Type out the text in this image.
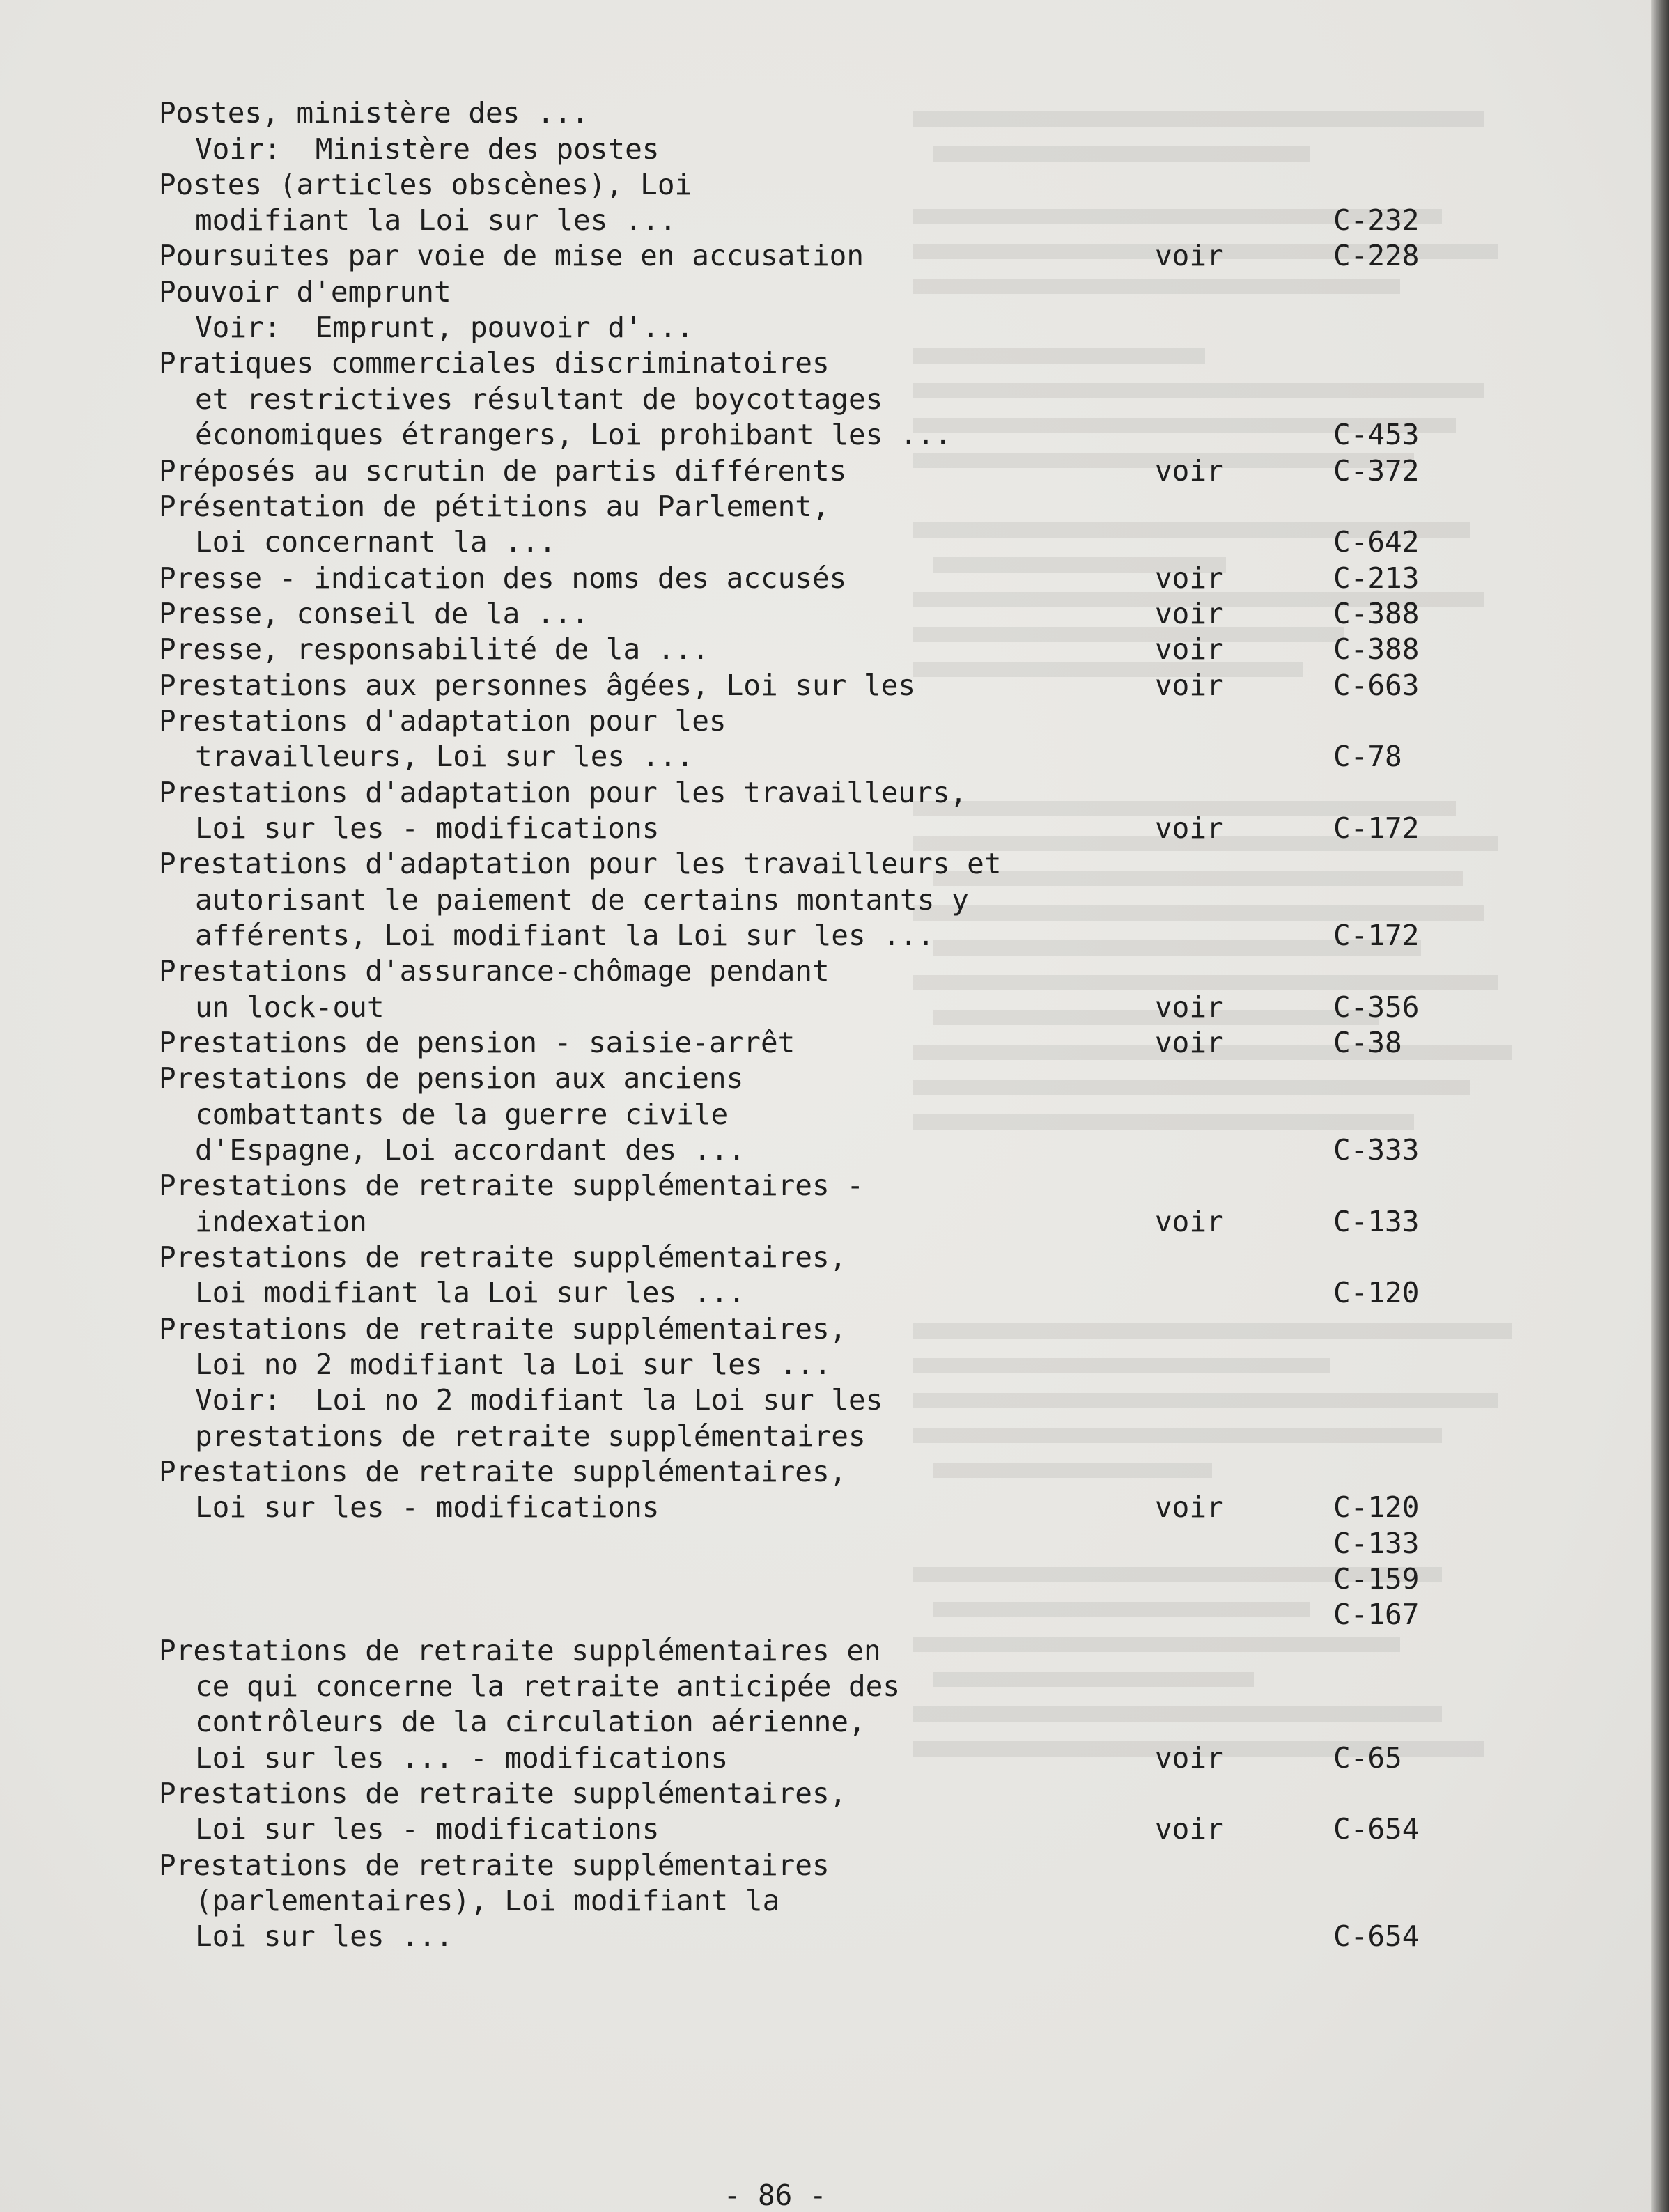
Postes, ministère des ...
Voir:  Ministère des postes
Postes (articles obscènes), Loi
modifiant la Loi sur les ...	C-232
Poursuites par voie de mise en accusation	voir	C-228
Pouvoir d'emprunt
Voir:  Emprunt, pouvoir d'...
Pratiques commerciales discriminatoires
et restrictives résultant de boycottages
économiques étrangers, Loi prohibant les ...	C-453
Préposés au scrutin de partis différents	voir	C-372
Présentation de pétitions au Parlement,
Loi concernant la ...	C-642
Presse - indication des noms des accusés	voir	C-213
Presse, conseil de la ...	voir	C-388
Presse, responsabilité de la ...	voir	C-388
Prestations aux personnes âgées, Loi sur les	voir	C-663
Prestations d'adaptation pour les
travailleurs, Loi sur les ...	C-78
Prestations d'adaptation pour les travailleurs,
Loi sur les - modifications	voir	C-172
Prestations d'adaptation pour les travailleurs et
autorisant le paiement de certains montants y
afférents, Loi modifiant la Loi sur les ...	C-172
Prestations d'assurance-chômage pendant
un lock-out	voir	C-356
Prestations de pension - saisie-arrêt	voir	C-38
Prestations de pension aux anciens
combattants de la guerre civile
d'Espagne, Loi accordant des ...	C-333
Prestations de retraite supplémentaires -
indexation	voir	C-133
Prestations de retraite supplémentaires,
Loi modifiant la Loi sur les ...	C-120
Prestations de retraite supplémentaires,
Loi no 2 modifiant la Loi sur les ...
Voir:  Loi no 2 modifiant la Loi sur les
prestations de retraite supplémentaires
Prestations de retraite supplémentaires,
Loi sur les - modifications	voir	C-120
C-133
C-159
C-167
Prestations de retraite supplémentaires en
ce qui concerne la retraite anticipée des
contrôleurs de la circulation aérienne,
Loi sur les ... - modifications	voir	C-65
Prestations de retraite supplémentaires,
Loi sur les - modifications	voir	C-654
Prestations de retraite supplémentaires
(parlementaires), Loi modifiant la
Loi sur les ...	C-654

- 86 -
